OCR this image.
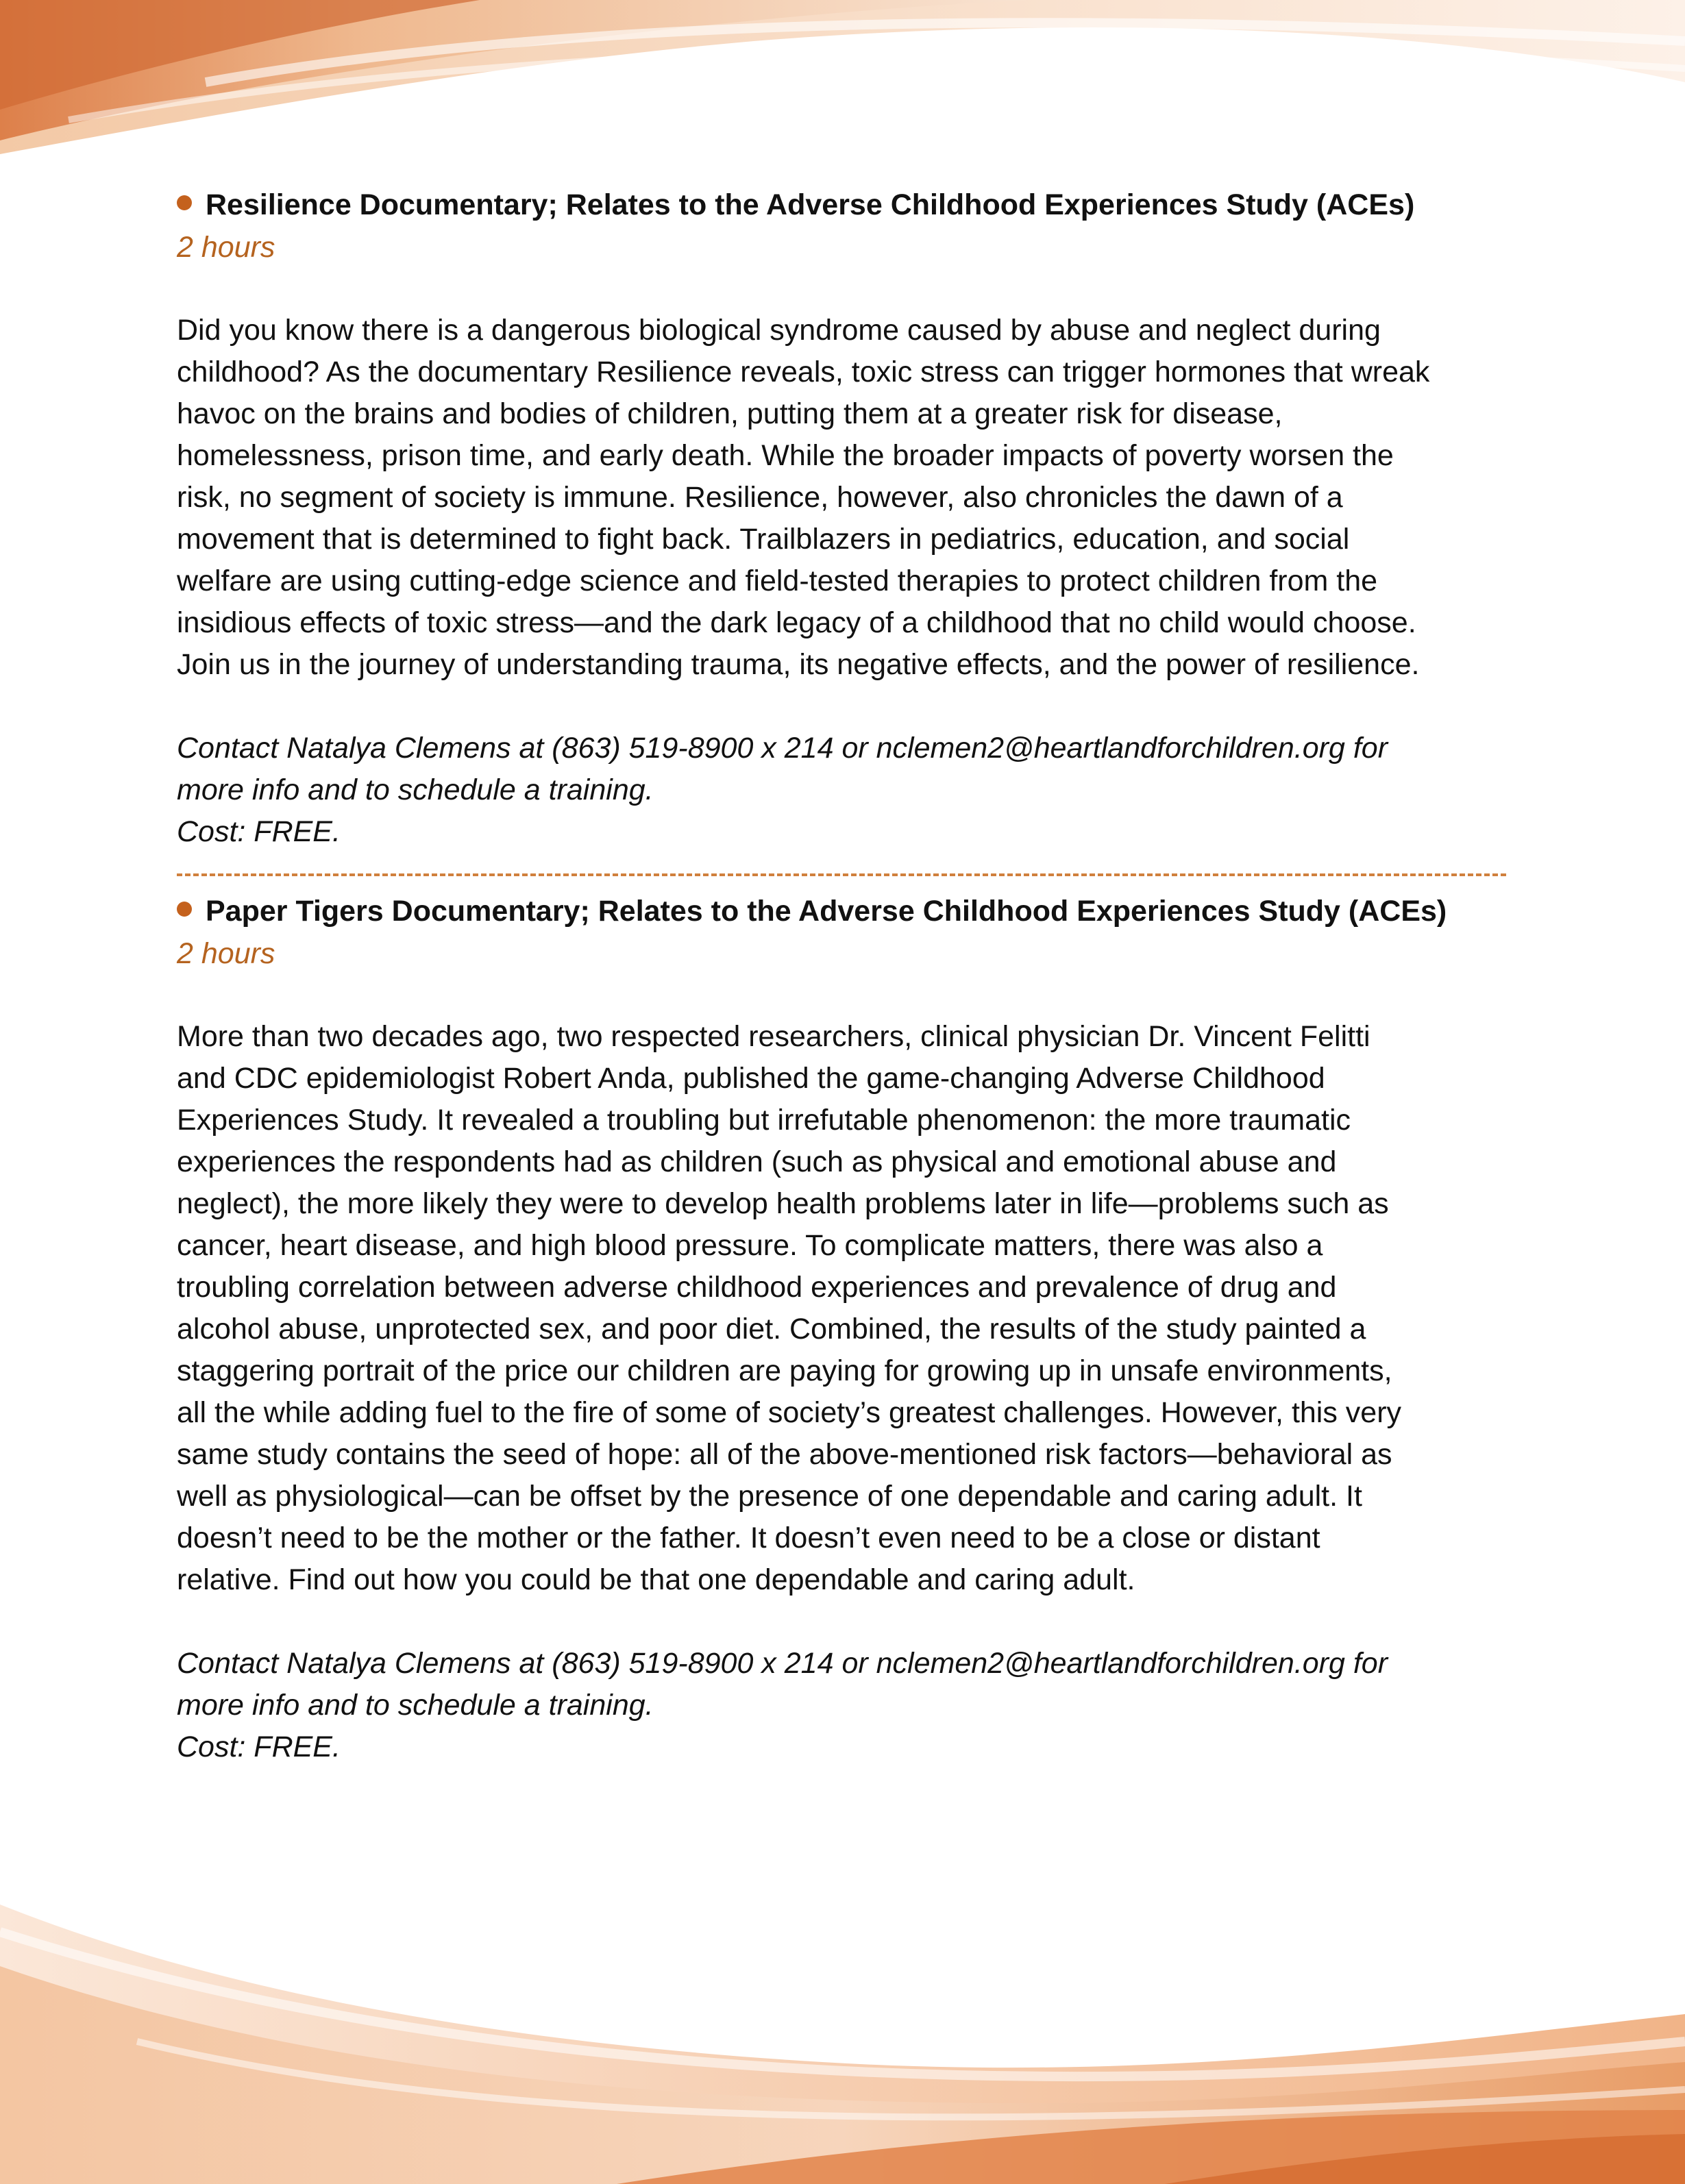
Resilience Documentary; Relates to the Adverse Childhood Experiences Study (ACEs)
2 hours
Did you know there is a dangerous biological syndrome caused by abuse and neglect during
childhood? As the documentary Resilience reveals, toxic stress can trigger hormones that wreak
havoc on the brains and bodies of children, putting them at a greater risk for disease,
homelessness, prison time, and early death. While the broader impacts of poverty worsen the
risk, no segment of society is immune. Resilience, however, also chronicles the dawn of a
movement that is determined to fight back. Trailblazers in pediatrics, education, and social
welfare are using cutting-edge science and field-tested therapies to protect children from the
insidious effects of toxic stress—and the dark legacy of a childhood that no child would choose.
Join us in the journey of understanding trauma, its negative effects, and the power of resilience.
Contact Natalya Clemens at (863) 519-8900 x 214 or nclemen2@heartlandforchildren.org for
more info and to schedule a training.
Cost: FREE.
Paper Tigers Documentary; Relates to the Adverse Childhood Experiences Study (ACEs)
2 hours
More than two decades ago, two respected researchers, clinical physician Dr. Vincent Felitti
and CDC epidemiologist Robert Anda, published the game-changing Adverse Childhood
Experiences Study. It revealed a troubling but irrefutable phenomenon: the more traumatic
experiences the respondents had as children (such as physical and emotional abuse and
neglect), the more likely they were to develop health problems later in life—problems such as
cancer, heart disease, and high blood pressure. To complicate matters, there was also a
troubling correlation between adverse childhood experiences and prevalence of drug and
alcohol abuse, unprotected sex, and poor diet. Combined, the results of the study painted a
staggering portrait of the price our children are paying for growing up in unsafe environments,
all the while adding fuel to the fire of some of society’s greatest challenges. However, this very
same study contains the seed of hope: all of the above-mentioned risk factors—behavioral as
well as physiological—can be offset by the presence of one dependable and caring adult. It
doesn’t need to be the mother or the father. It doesn’t even need to be a close or distant
relative. Find out how you could be that one dependable and caring adult.
Contact Natalya Clemens at (863) 519-8900 x 214 or nclemen2@heartlandforchildren.org for
more info and to schedule a training.
Cost: FREE.
